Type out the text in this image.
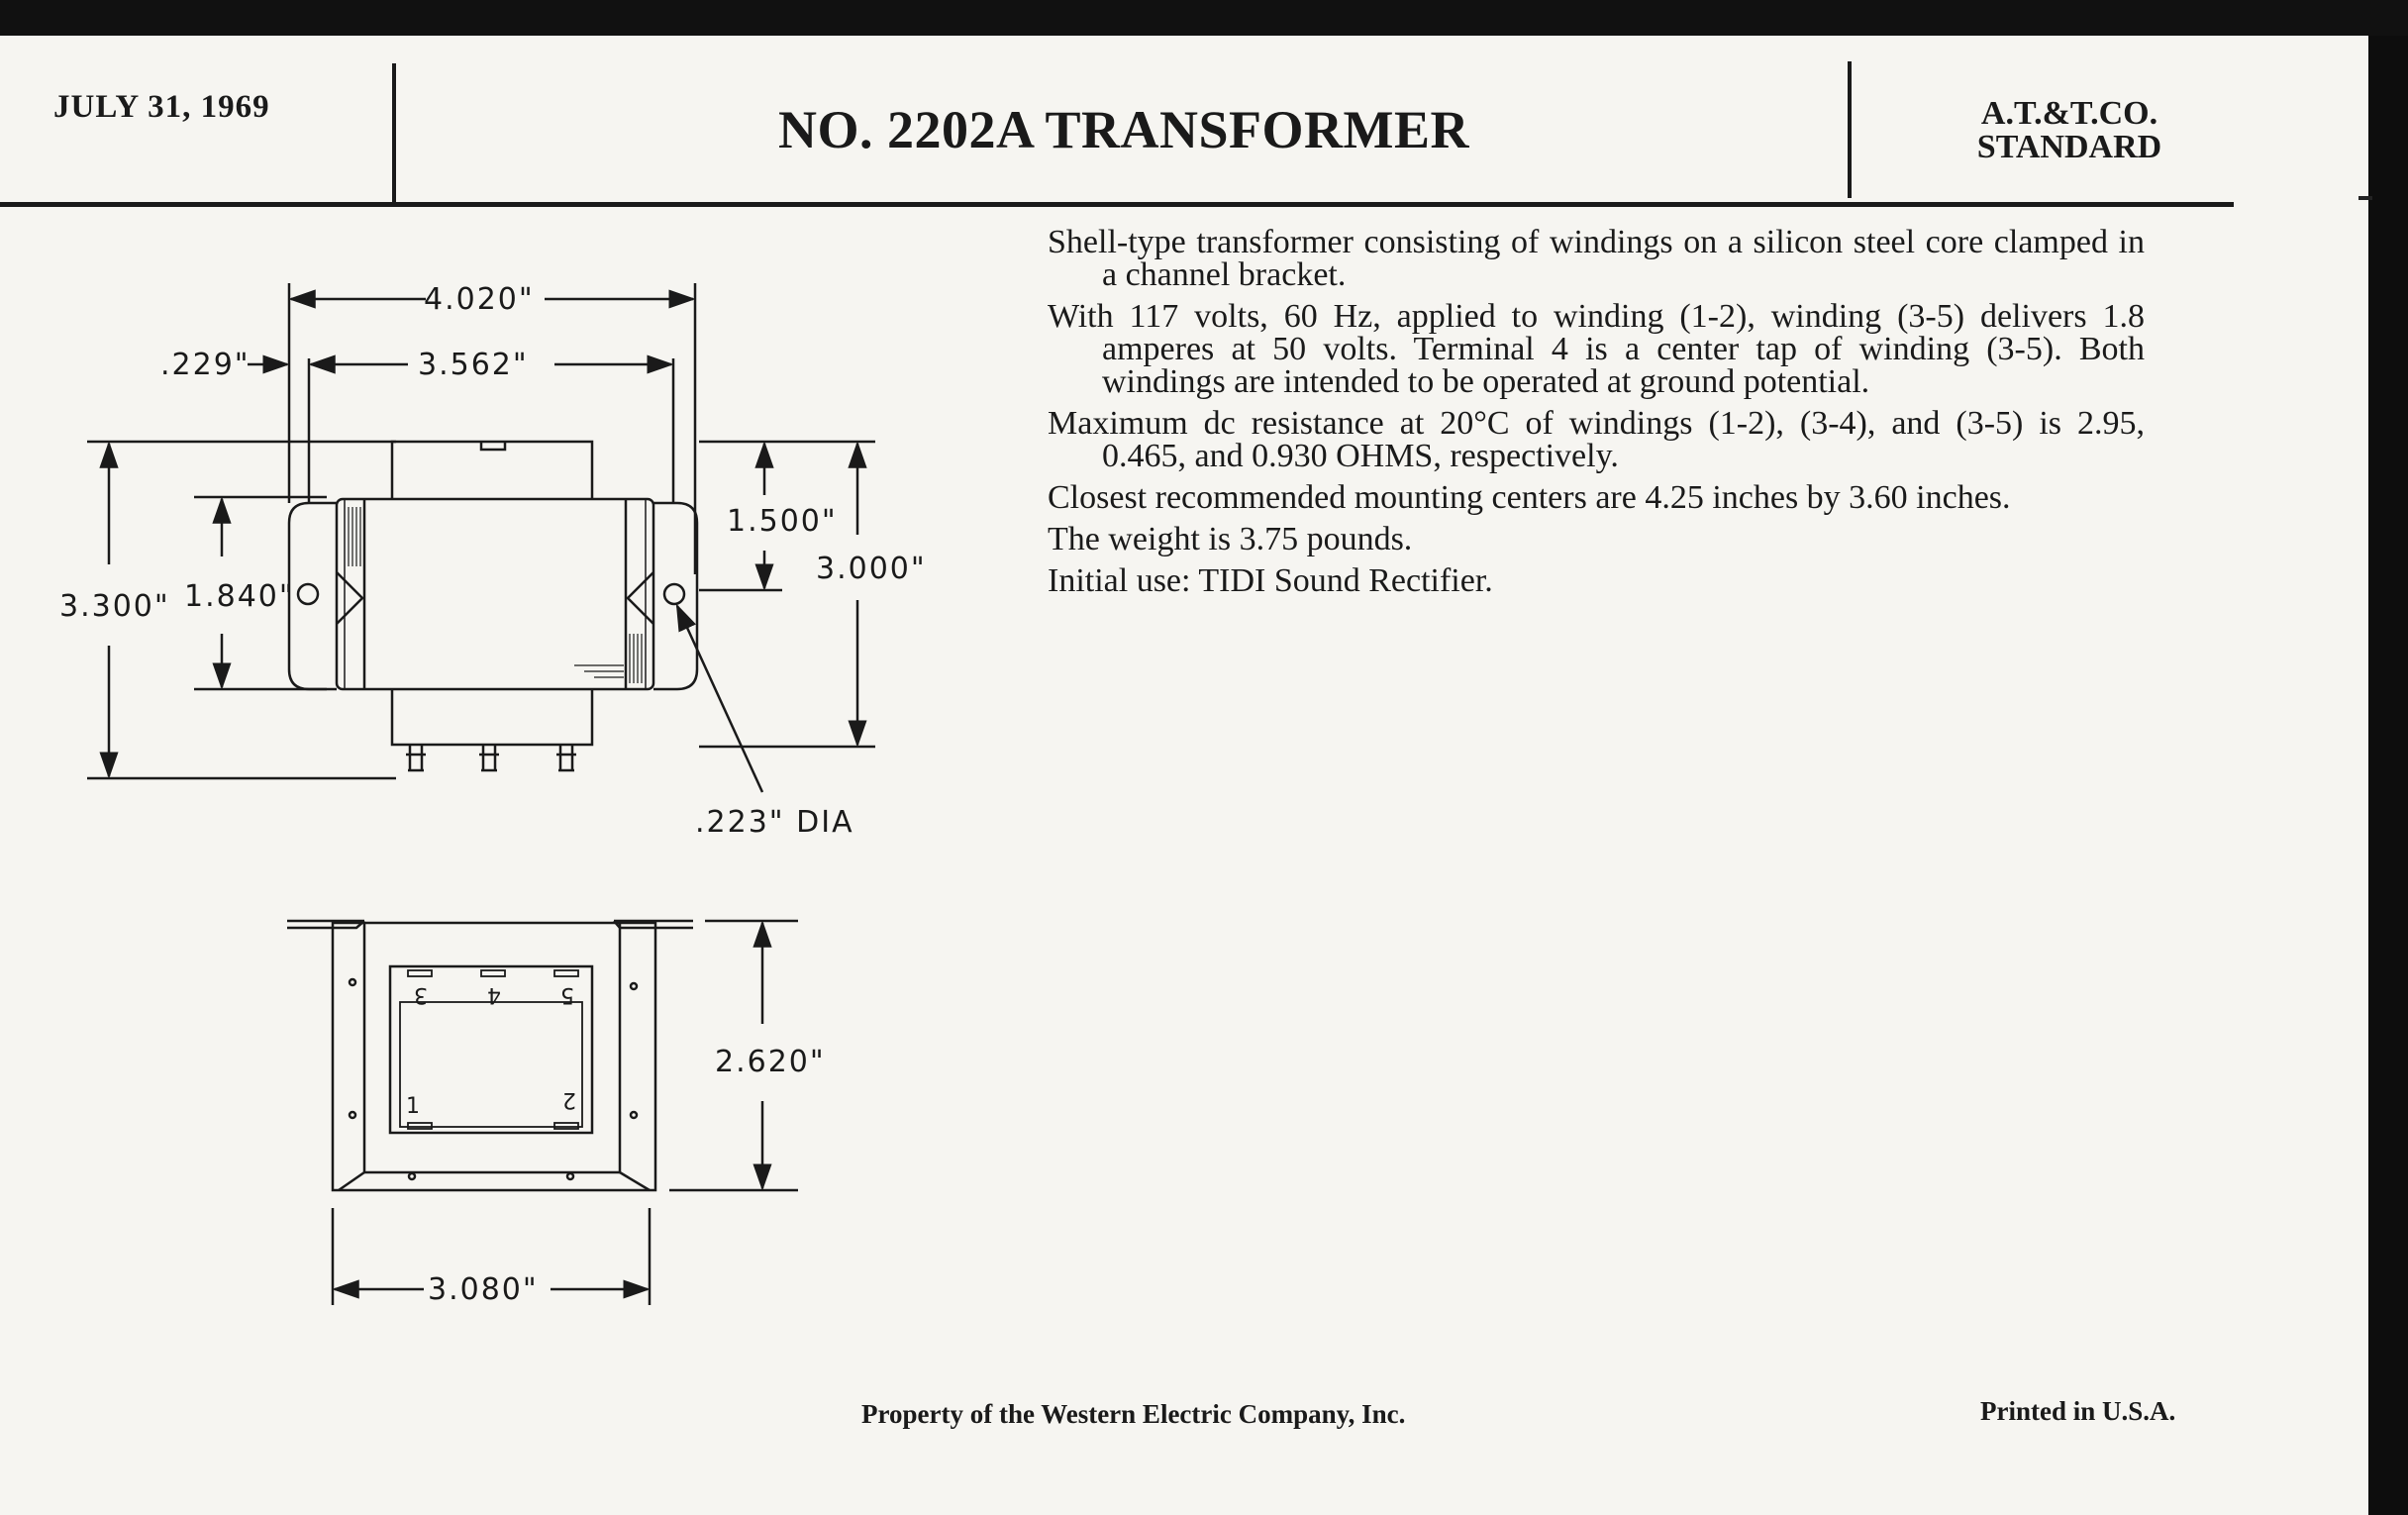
JULY 31, 1969	NO. 2202A TRANSFORMER	A.T.&T.CO.
STANDARD

Shell-type transformer consisting of windings on a silicon steel core clamped in a channel bracket.

With 117 volts, 60 Hz, applied to winding (1-2), winding (3-5) delivers 1.8 amperes at 50 volts. Terminal 4 is a center tap of winding (3-5). Both windings are intended to be operated at ground potential.

Maximum dc resistance at 20°C of windings (1-2), (3-4), and (3-5) is 2.95, 0.465, and 0.930 OHMS, respectively.

Closest recommended mounting centers are 4.25 inches by 3.60 inches.

The weight is 3.75 pounds.

Initial use: TIDI Sound Rectifier.

4.020"
3.562"
.229"
3.300" 1.840"
1.500"
3.000"
.223" DIA
2.620"
3.080"
3	4	5
1	2
Property of the Western Electric Company, Inc.	Printed in U.S.A.
